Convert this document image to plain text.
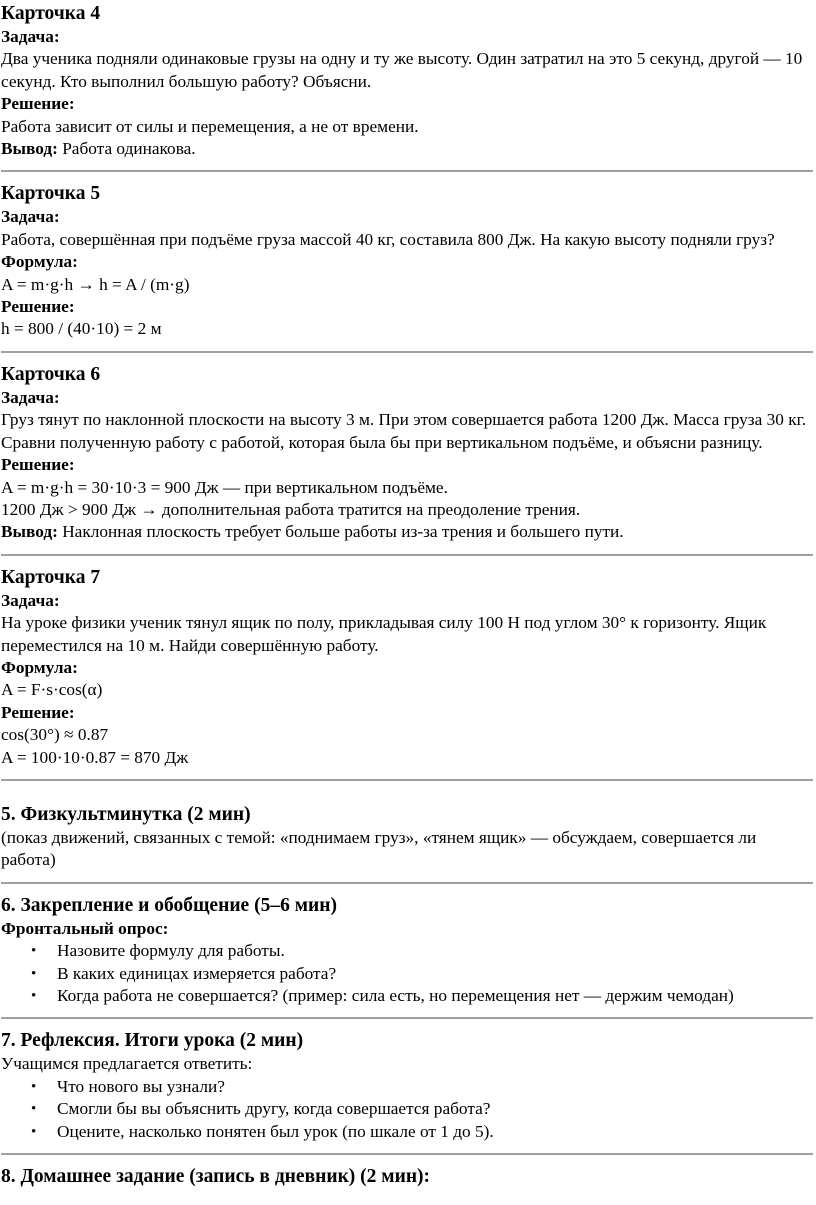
Карточка 4

Задача:

Два ученика подняли одинаковые грузы на одну и ту же высоту. Один затратил на это 5 секунд, другой — 10 секунд. Кто выполнил большую работу? Объясни.

Решение:

Работа зависит от силы и перемещения, а не от времени.

Вывод: Работа одинакова.

Карточка 5

Задача:

Работа, совершённая при подъёме груза массой 40 кг, составила 800 Дж. На какую высоту подняли груз?

Формула:

A = m·g·h → h = A / (m·g)

Решение:

h = 800 / (40·10) = 2 м

Карточка 6

Задача:

Груз тянут по наклонной плоскости на высоту 3 м. При этом совершается работа 1200 Дж. Масса груза 30 кг. Сравни полученную работу с работой, которая была бы при вертикальном подъёме, и объясни разницу.

Решение:

A = m·g·h = 30·10·3 = 900 Дж — при вертикальном подъёме.

1200 Дж > 900 Дж → дополнительная работа тратится на преодоление трения.

Вывод: Наклонная плоскость требует больше работы из-за трения и большего пути.

Карточка 7

Задача:

На уроке физики ученик тянул ящик по полу, прикладывая силу 100 Н под углом 30° к горизонту. Ящик переместился на 10 м. Найди совершённую работу.

Формула:

A = F·s·cos(α)

Решение:

cos(30°) ≈ 0.87

A = 100·10·0.87 = 870 Дж

5. Физкультминутка (2 мин)

(показ движений, связанных с темой: «поднимаем груз», «тянем ящик» — обсуждаем, совершается ли работа)

6. Закрепление и обобщение (5–6 мин)

Фронтальный опрос:

• Назовите формулу для работы.
• В каких единицах измеряется работа?
• Когда работа не совершается? (пример: сила есть, но перемещения нет — держим чемодан)

7. Рефлексия. Итоги урока (2 мин)

Учащимся предлагается ответить:

• Что нового вы узнали?
• Смогли бы вы объяснить другу, когда совершается работа?
• Оцените, насколько понятен был урок (по шкале от 1 до 5).

8. Домашнее задание (запись в дневник) (2 мин):
